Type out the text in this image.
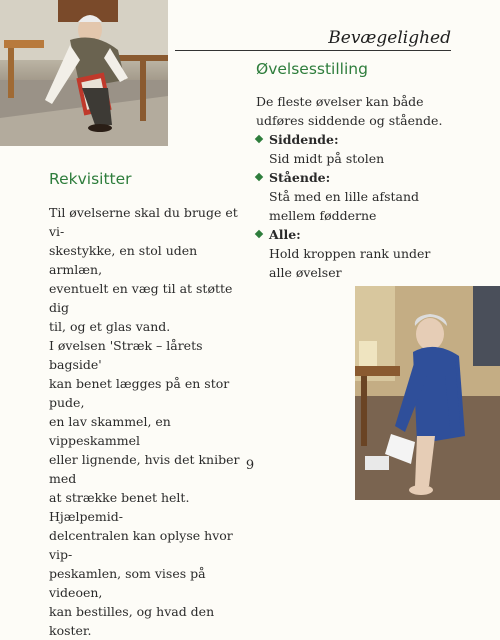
Bevægelighed
Øvelsesstilling

De fleste øvelser kan både

udføres siddende og stående.

Siddende:
Sid midt på stolen
Stående:
Stå med en lille afstand
mellem fødderne
Alle:
Hold kroppen rank under
alle øvelser
Rekvisitter

Til øvelserne skal du bruge et vi-

skestykke, en stol uden armlæn,

eventuelt en væg til at støtte dig

til, og et glas vand.

I øvelsen 'Stræk – lårets bagside'

kan benet lægges på en stor pude,

en lav skammel, en vippeskammel

eller lignende, hvis det kniber med

at strække benet helt. Hjælpemid-

delcentralen kan oplyse hvor vip-

peskamlen, som vises på videoen,

kan bestilles, og hvad den koster.

9
